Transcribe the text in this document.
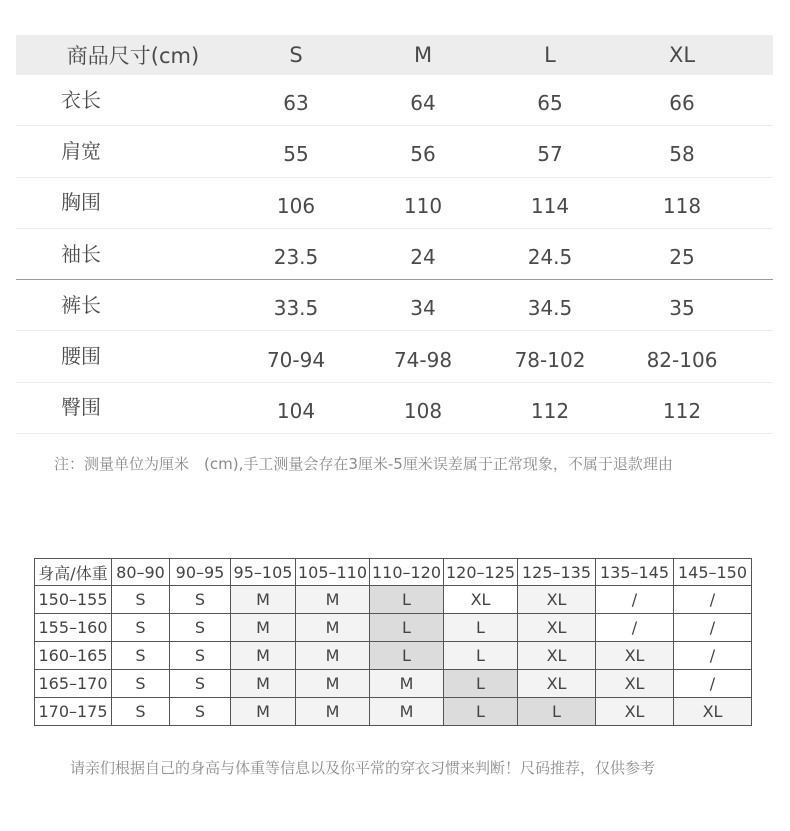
商品尺寸(cm)	S	M	L	XL
衣长	63	64	65	66
肩宽	55	56	57	58
胸围	106	110	114	118
袖长	23.5	24	24.5	25
裤长	33.5	34	34.5	35
腰围	70-94	74-98	78-102	82-106
臀围	104	108	112	112
注：测量单位为厘米　(cm),手工测量会存在3厘米-5厘米误差属于正常现象，不属于退款理由
身高/体重	80–90	90–95	95–105	105–110	110–120	120–125	125–135	135–145	145–150
150–155	S	S	M	M	L	XL	XL	/	/
155–160	S	S	M	M	L	L	XL	/	/
160–165	S	S	M	M	L	L	XL	XL	/
165–170	S	S	M	M	M	L	XL	XL	/
170–175	S	S	M	M	M	L	L	XL	XL
请亲们根据自己的身高与体重等信息以及你平常的穿衣习惯来判断！尺码推荐，仅供参考
